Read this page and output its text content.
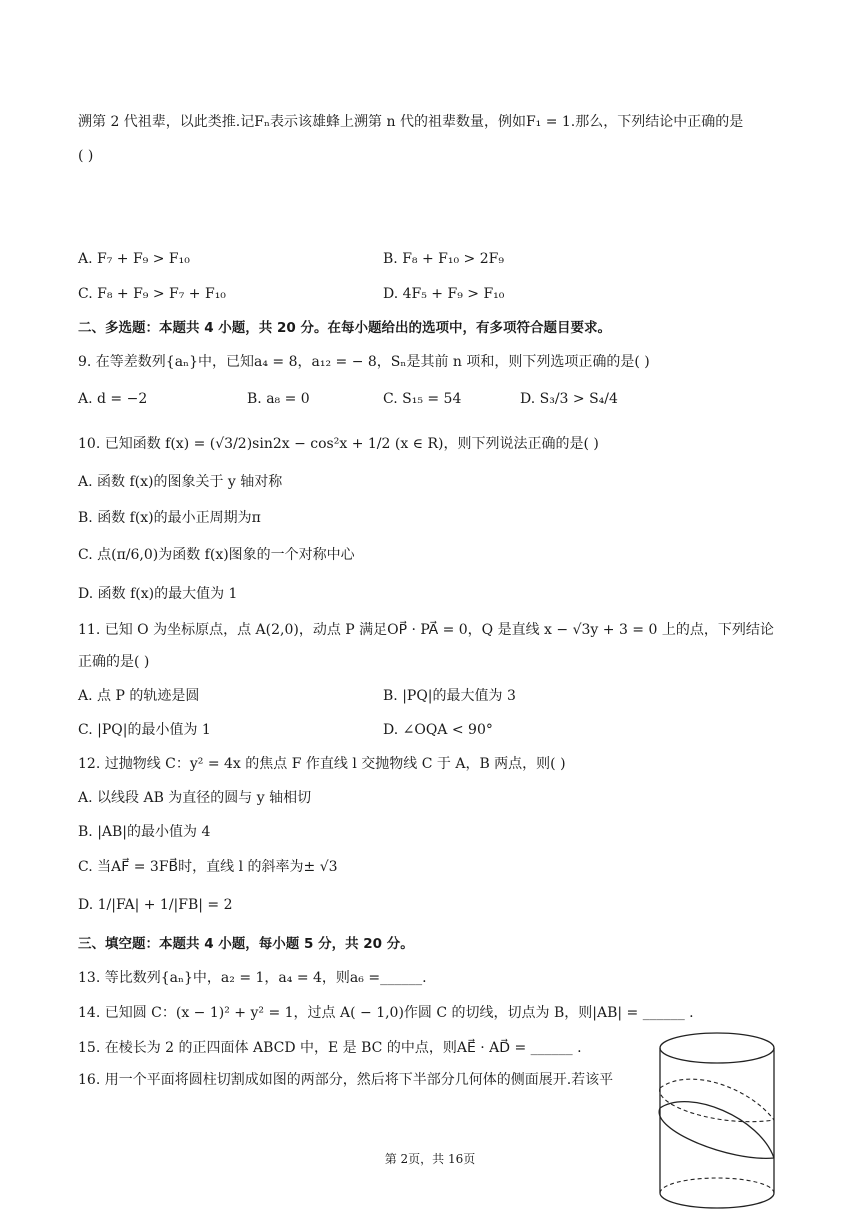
溯第 2 代祖辈，以此类推.记Fₙ表示该雄蜂上溯第 n 代的祖辈数量，例如F₁ = 1.那么，下列结论中正确的是
( )
A. F₇ + F₉ > F₁₀	B. F₈ + F₁₀ > 2F₉
C. F₈ + F₉ > F₇ + F₁₀	D. 4F₅ + F₉ > F₁₀
二、多选题：本题共 4 小题，共 20 分。在每小题给出的选项中，有多项符合题目要求。
9. 在等差数列{aₙ}中，已知a₄ = 8，a₁₂ = − 8，Sₙ是其前 n 项和，则下列选项正确的是( )
A. d = −2	B. a₈ = 0	C. S₁₅ = 54	D. S₃/3 > S₄/4
10. 已知函数 f(x) = (√3/2)sin2x − cos²x + 1/2 (x ∈ R)，则下列说法正确的是( )
A. 函数 f(x)的图象关于 y 轴对称
B. 函数 f(x)的最小正周期为π
C. 点(π/6,0)为函数 f(x)图象的一个对称中心
D. 函数 f(x)的最大值为 1
11. 已知 O 为坐标原点，点 A(2,0)，动点 P 满足OP⃗ · PA⃗ = 0，Q 是直线 x − √3y + 3 = 0 上的点，下列结论
正确的是( )
A. 点 P 的轨迹是圆	B. |PQ|的最大值为 3
C. |PQ|的最小值为 1	D. ∠OQA < 90°
12. 过抛物线 C：y² = 4x 的焦点 F 作直线 l 交抛物线 C 于 A，B 两点，则( )
A. 以线段 AB 为直径的圆与 y 轴相切
B. |AB|的最小值为 4
C. 当AF⃗ = 3FB⃗时，直线 l 的斜率为± √3
D. 1/|FA| + 1/|FB| = 2
三、填空题：本题共 4 小题，每小题 5 分，共 20 分。
13. 等比数列{aₙ}中，a₂ = 1，a₄ = 4，则a₆ =______.
14. 已知圆 C：(x − 1)² + y² = 1，过点 A( − 1,0)作圆 C 的切线，切点为 B，则|AB| = ______ .
15. 在棱长为 2 的正四面体 ABCD 中，E 是 BC 的中点，则AE⃗ · AD⃗ = ______ .
16. 用一个平面将圆柱切割成如图的两部分，然后将下半部分几何体的侧面展开.若该平
第 2页，共 16页
